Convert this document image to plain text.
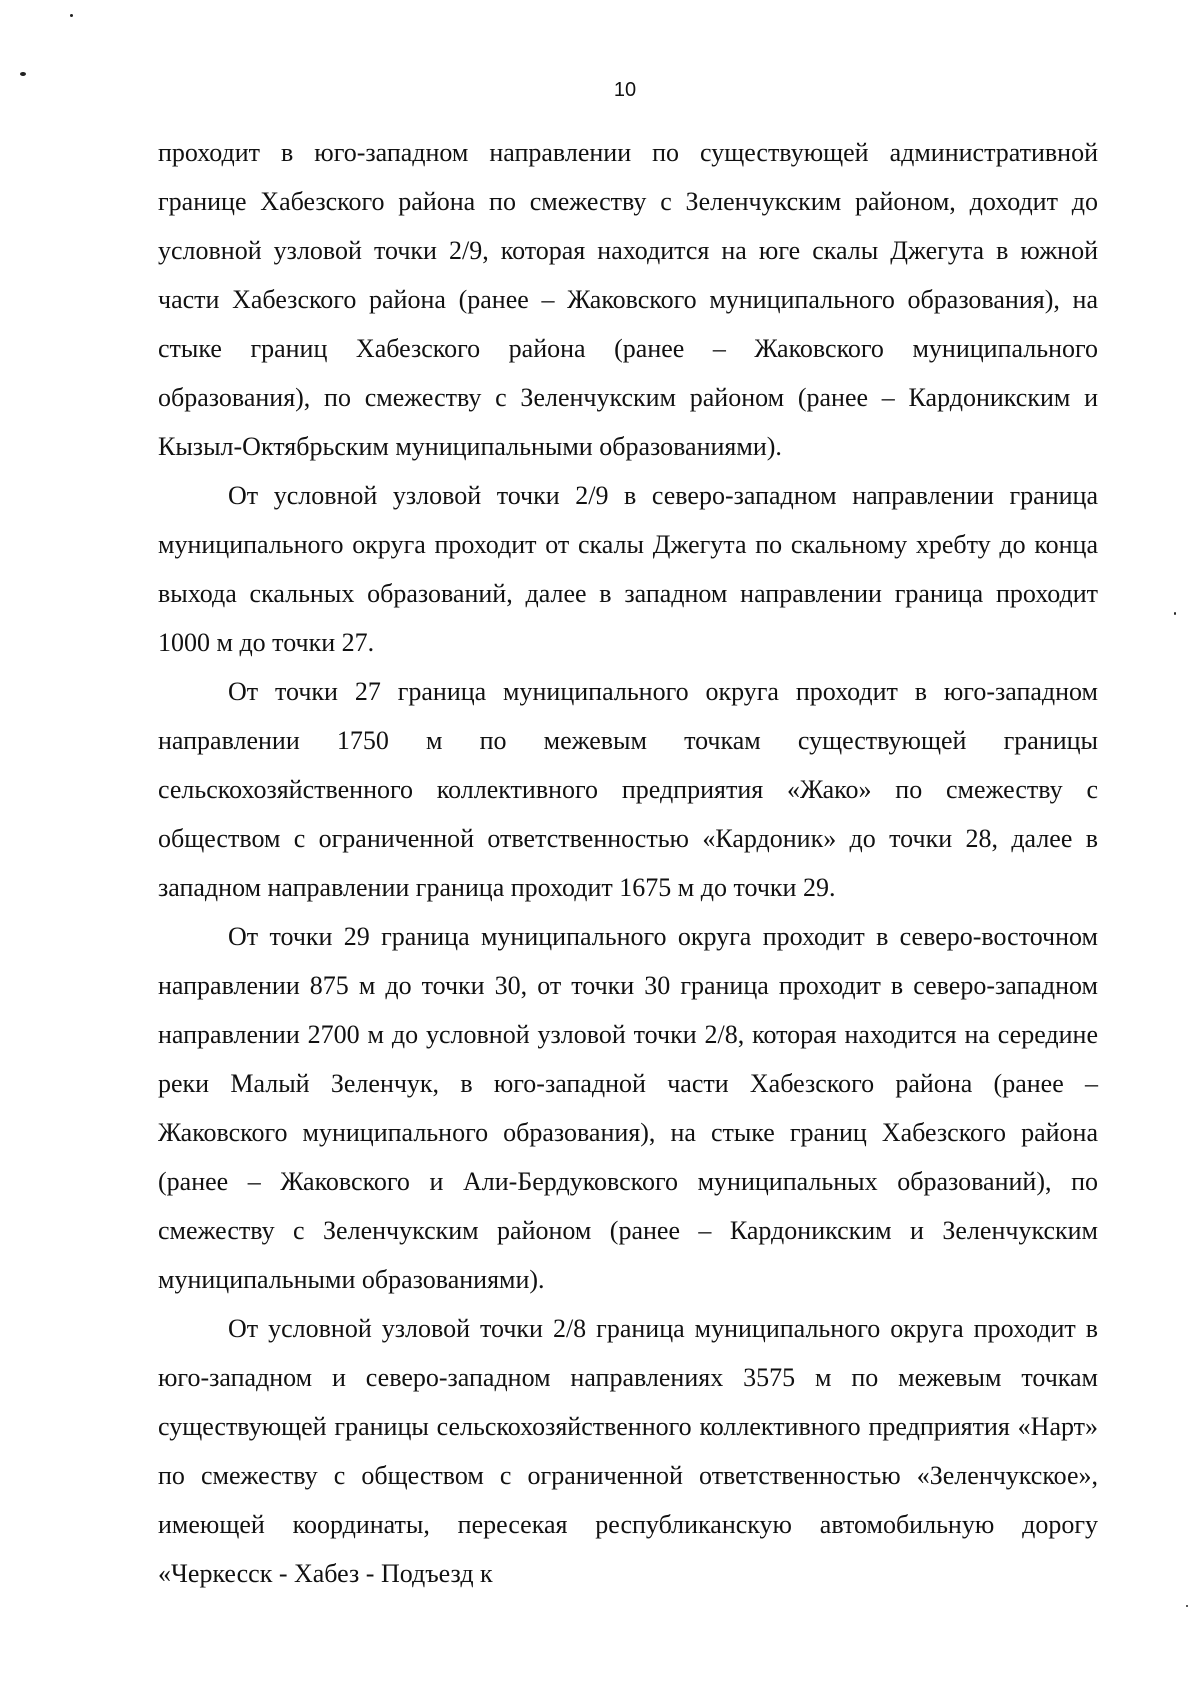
10

проходит в юго-западном направлении по существующей административной границе Хабезского района по смежеству с Зеленчукским районом, доходит до условной узловой точки 2/9, которая находится на юге скалы Джегута в южной части Хабезского района (ранее – Жаковского муниципального образования), на стыке границ Хабезского района (ранее – Жаковского муниципального образования), по смежеству с Зеленчукским районом (ранее – Кардоникским и Кызыл-Октябрьским муниципальными образованиями).

От условной узловой точки 2/9 в северо-западном направлении граница муниципального округа проходит от скалы Джегута по скальному хребту до конца выхода скальных образований, далее в западном направлении граница проходит 1000 м до точки 27.

От точки 27 граница муниципального округа проходит в юго-западном направлении 1750 м по межевым точкам существующей границы сельскохозяйственного коллективного предприятия «Жако» по смежеству с обществом с ограниченной ответственностью «Кардоник» до точки 28, далее в западном направлении граница проходит 1675 м до точки 29.

От точки 29 граница муниципального округа проходит в северо-восточном направлении 875 м до точки 30, от точки 30 граница проходит в северо-западном направлении 2700 м до условной узловой точки 2/8, которая находится на середине реки Малый Зеленчук, в юго-западной части Хабезского района (ранее – Жаковского муниципального образования), на стыке границ Хабезского района (ранее – Жаковского и Али-Бердуковского муниципальных образований), по смежеству с Зеленчукским районом (ранее – Кардоникским и Зеленчукским муниципальными образованиями).

От условной узловой точки 2/8 граница муниципального округа проходит в юго-западном и северо-западном направлениях 3575 м по межевым точкам существующей границы сельскохозяйственного коллективного предприятия «Нарт» по смежеству с обществом с ограниченной ответственностью «Зеленчукское», имеющей координаты, пересекая республиканскую автомобильную дорогу «Черкесск - Хабез - Подъезд к
